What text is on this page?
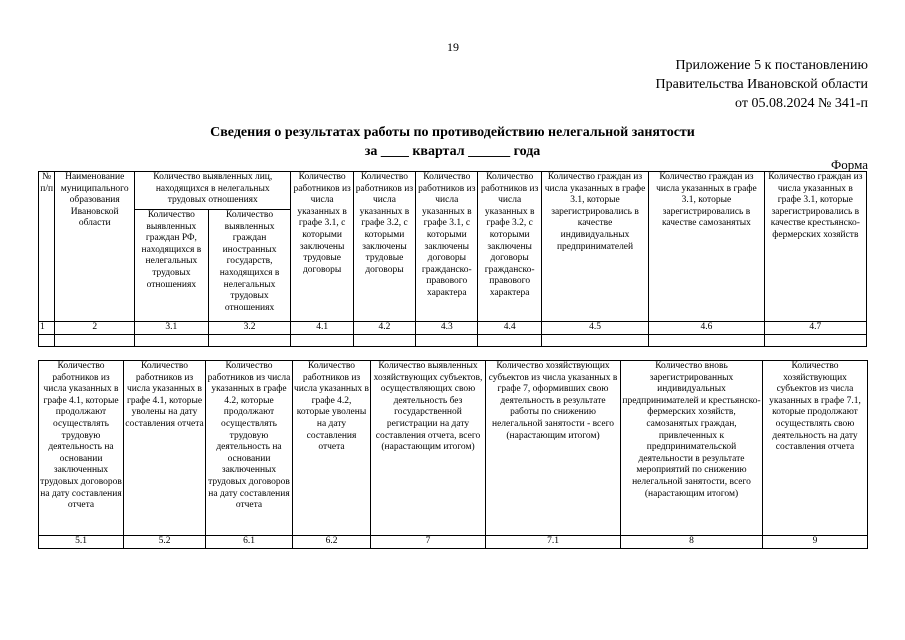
19
Приложение 5 к постановлению
Правительства Ивановской области
от 05.08.2024 № 341-п
Сведения о результатах работы по противодействию нелегальной занятости
за ____ квартал ______ года
Форма
№ п/п	Наименование муниципального образования Ивановской области	Количество выявленных лиц, находящихся в нелегальных трудовых отношениях		Количество работников из числа указанных в графе 3.1, с которыми заключены трудовые договоры	Количество работников из числа указанных в графе 3.2, с которыми заключены трудовые договоры	Количество работников из числа указанных в графе 3.1, с которыми заключены договоры гражданско-правового характера	Количество работников из числа указанных в графе 3.2, с которыми заключены договоры гражданско-правового характера	Количество граждан из числа указанных в графе 3.1, которые зарегистрировались в качестве индивидуальных предпринимателей	Количество граждан из числа указанных в графе 3.1, которые зарегистрировались в качестве самозанятых	Количество граждан из числа указанных в графе 3.1, которые зарегистрировались в качестве крестьянско-фермерских хозяйств
		Количество выявленных граждан РФ, находящихся в нелегальных трудовых отношениях	Количество выявленных граждан иностранных государств, находящихся в нелегальных трудовых отношениях							
1	2	3.1	3.2	4.1	4.2	4.3	4.4	4.5	4.6	4.7

Количество работников из числа указанных в графе 4.1, которые продолжают осуществлять трудовую деятельность на основании заключенных трудовых договоров на дату составления отчета	Количество работников из числа указанных в графе 4.1, которые уволены на дату составления отчета	Количество работников из числа указанных в графе 4.2, которые продолжают осуществлять трудовую деятельность на основании заключенных трудовых договоров на дату составления отчета	Количество работников из числа указанных в графе 4.2, которые уволены на дату составления отчета	Количество выявленных хозяйствующих субъектов, осуществляющих свою деятельность без государственной регистрации на дату составления отчета, всего (нарастающим итогом)	Количество хозяйствующих субъектов из числа указанных в графе 7, оформивших свою деятельность в результате работы по снижению нелегальной занятости - всего (нарастающим итогом)	Количество вновь зарегистрированных индивидуальных предпринимателей и крестьянско-фермерских хозяйств, самозанятых граждан, привлеченных к предпринимательской деятельности в результате мероприятий по снижению нелегальной занятости, всего (нарастающим итогом)	Количество хозяйствующих субъектов из числа указанных в графе 7.1, которые продолжают осуществлять свою деятельность на дату составления отчета
5.1	5.2	6.1	6.2	7	7.1	8	9
